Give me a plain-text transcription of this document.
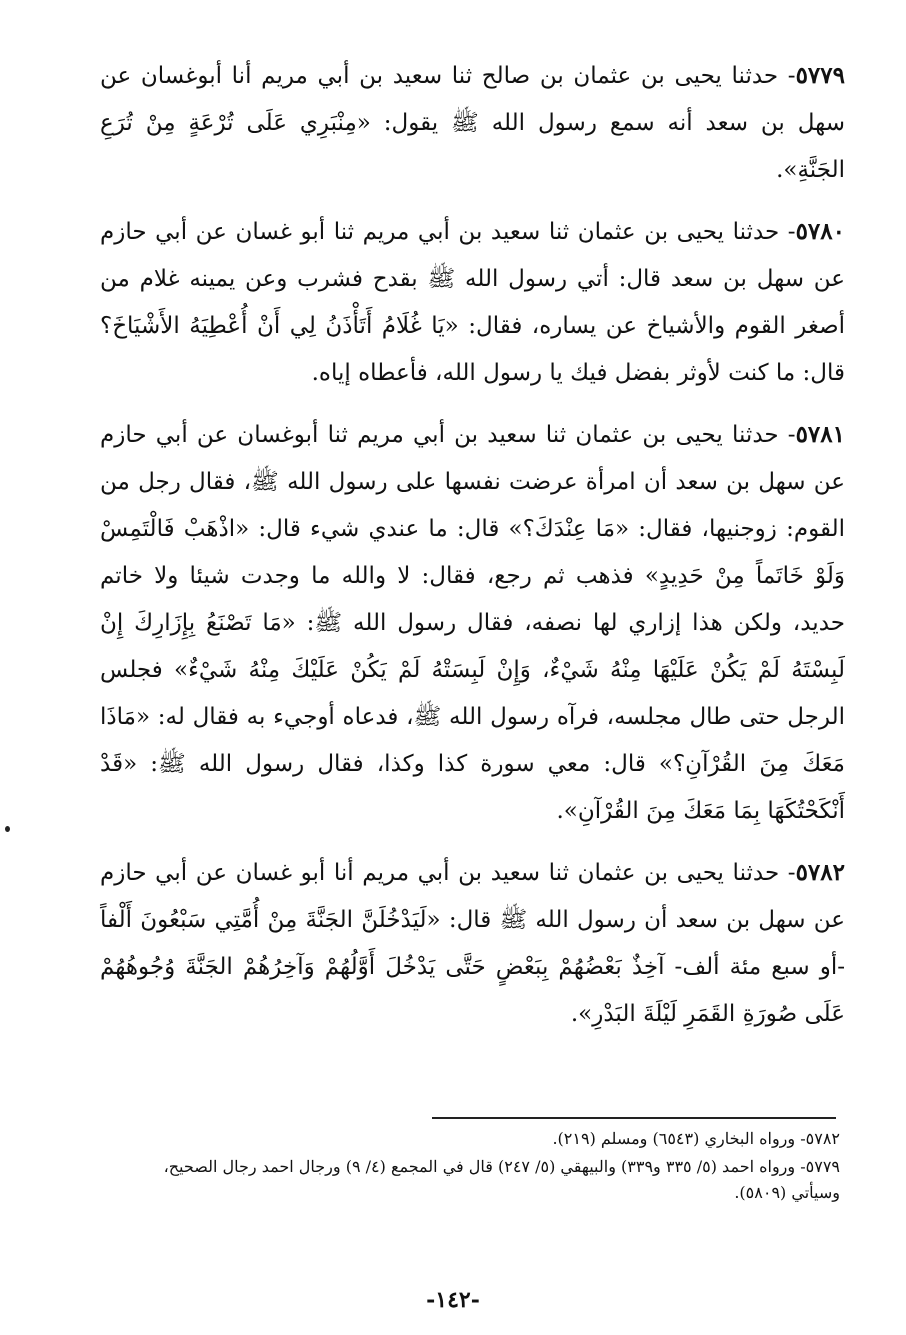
٥٧٧٩- حدثنا يحيى بن عثمان بن صالح ثنا سعيد بن أبي مريم أنا أبوغسان عن سهل بن سعد أنه سمع رسول الله ﷺ يقول: «مِنْبَرِي عَلَى تُرْعَةٍ مِنْ تُرَعِ الجَنَّةِ».

٥٧٨٠- حدثنا يحيى بن عثمان ثنا سعيد بن أبي مريم ثنا أبو غسان عن أبي حازم عن سهل بن سعد قال: أتي رسول الله ﷺ بقدح فشرب وعن يمينه غلام من أصغر القوم والأشياخ عن يساره، فقال: «يَا غُلَامُ أَتَأْذَنُ لِي أَنْ أُعْطِيَهُ الأَشْيَاخَ؟ قال: ما كنت لأوثر بفضل فيك يا رسول الله، فأعطاه إياه.

٥٧٨١- حدثنا يحيى بن عثمان ثنا سعيد بن أبي مريم ثنا أبوغسان عن أبي حازم عن سهل بن سعد أن امرأة عرضت نفسها على رسول الله ﷺ، فقال رجل من القوم: زوجنيها، فقال: «مَا عِنْدَكَ؟» قال: ما عندي شيء قال: «اذْهَبْ فَالْتَمِسْ وَلَوْ خَاتَماً مِنْ حَدِيدٍ» فذهب ثم رجع، فقال: لا والله ما وجدت شيئا ولا خاتم حديد، ولكن هذا إزاري لها نصفه، فقال رسول الله ﷺ: «مَا تَصْنَعُ بِإِزَارِكَ إِنْ لَبِسْتَهُ لَمْ يَكُنْ عَلَيْهَا مِنْهُ شَيْءٌ، وَإِنْ لَبِسَتْهُ لَمْ يَكُنْ عَلَيْكَ مِنْهُ شَيْءٌ» فجلس الرجل حتى طال مجلسه، فرآه رسول الله ﷺ، فدعاه أوجيء به فقال له: «مَاذَا مَعَكَ مِنَ القُرْآنِ؟» قال: معي سورة كذا وكذا، فقال رسول الله ﷺ: «قَدْ أَنْكَحْتُكَهَا بِمَا مَعَكَ مِنَ القُرْآنِ».

٥٧٨٢- حدثنا يحيى بن عثمان ثنا سعيد بن أبي مريم أنا أبو غسان عن أبي حازم عن سهل بن سعد أن رسول الله ﷺ قال: «لَيَدْخُلَنَّ الجَنَّةَ مِنْ أُمَّتِي سَبْعُونَ أَلْفاً -أو سبع مئة ألف- آخِذٌ بَعْضُهُمْ بِبَعْضٍ حَتَّى يَدْخُلَ أَوَّلُهُمْ وَآخِرُهُمْ الجَنَّةَ وُجُوهُهُمْ عَلَى صُورَةِ القَمَرِ لَيْلَةَ البَدْرِ».

٥٧٨٢- ورواه البخاري (٦٥٤٣) ومسلم (٢١٩).
٥٧٧٩- ورواه احمد (٥/ ٣٣٥ و٣٣٩) والبيهقي (٥/ ٢٤٧) قال في المجمع (٤/ ٩) ورجال احمد رجال الصحيح، وسيأتي (٥٨٠٩).
-١٤٢-
